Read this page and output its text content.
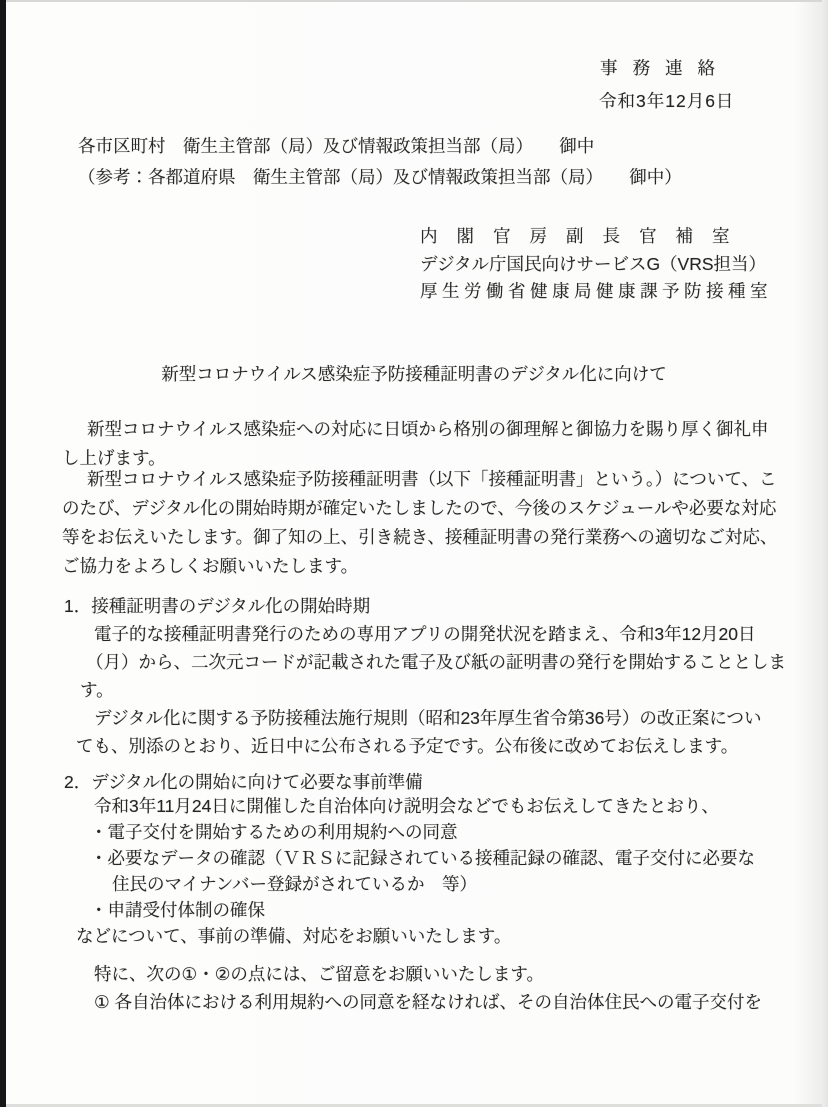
事務連絡
令和3年12月6日
各市区町村　衛生主管部（局）及び情報政策担当部（局）　　御中
（参考：各都道府県　衛生主管部（局）及び情報政策担当部（局）　　御中）
内閣官房副長官補室
デジタル庁国民向けサービスG（VRS担当）
厚生労働省健康局健康課予防接種室
新型コロナウイルス感染症予防接種証明書のデジタル化に向けて
新型コロナウイルス感染症への対応に日頃から格別の御理解と御協力を賜り厚く御礼申
し上げます。
新型コロナウイルス感染症予防接種証明書（以下「接種証明書」という。）について、こ
のたび、デジタル化の開始時期が確定いたしましたので、今後のスケジュールや必要な対応
等をお伝えいたします。御了知の上、引き続き、接種証明書の発行業務への適切なご対応、
ご協力をよろしくお願いいたします。
1．接種証明書のデジタル化の開始時期
電子的な接種証明書発行のための専用アプリの開発状況を踏まえ、令和3年12月20日
（月）から、二次元コードが記載された電子及び紙の証明書の発行を開始することとしま
す。
デジタル化に関する予防接種法施行規則（昭和23年厚生省令第36号）の改正案につい
ても、別添のとおり、近日中に公布される予定です。公布後に改めてお伝えします。
2．デジタル化の開始に向けて必要な事前準備
令和3年11月24日に開催した自治体向け説明会などでもお伝えしてきたとおり、
・電子交付を開始するための利用規約への同意
・必要なデータの確認（ＶＲＳに記録されている接種記録の確認、電子交付に必要な
住民のマイナンバー登録がされているか　等）
・申請受付体制の確保
などについて、事前の準備、対応をお願いいたします。
特に、次の①・②の点には、ご留意をお願いいたします。
① 各自治体における利用規約への同意を経なければ、その自治体住民への電子交付を
